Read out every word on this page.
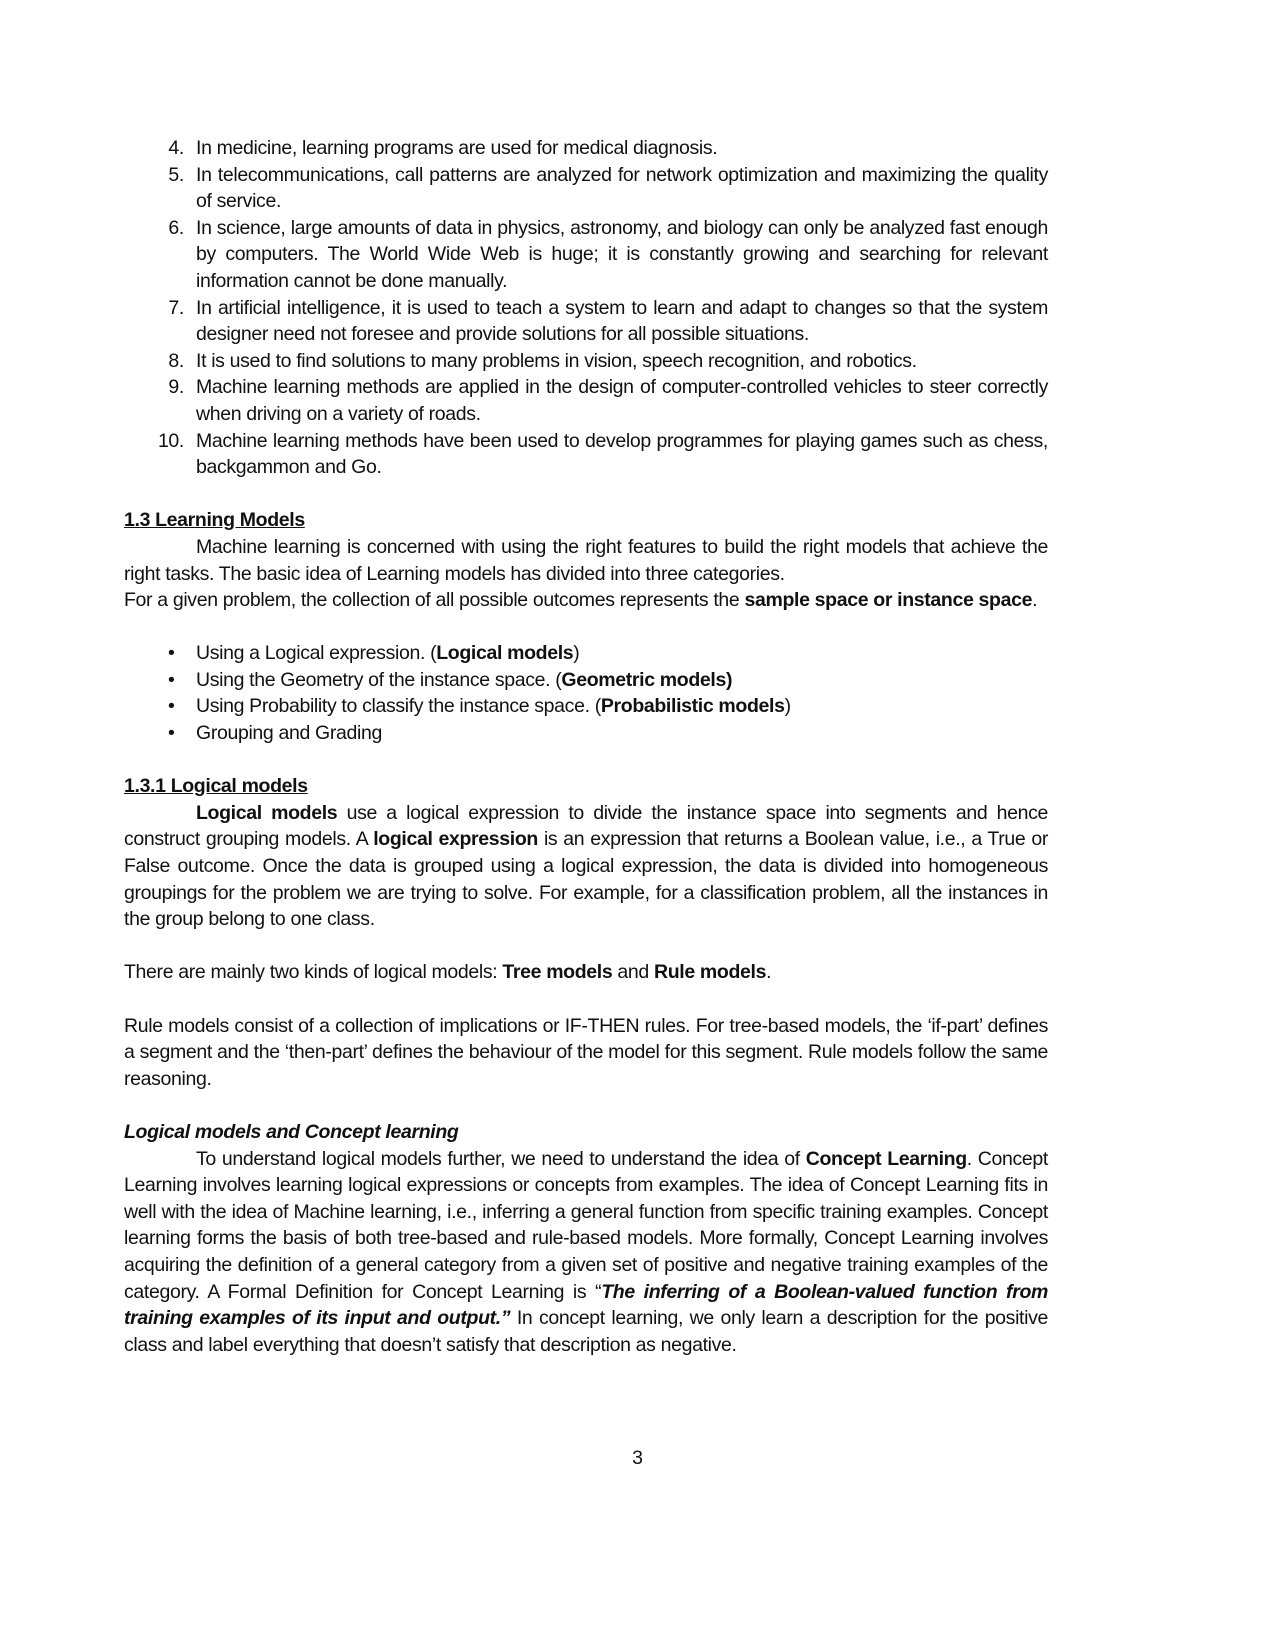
4. In medicine, learning programs are used for medical diagnosis.
5. In telecommunications, call patterns are analyzed for network optimization and maximizing the quality of service.
6. In science, large amounts of data in physics, astronomy, and biology can only be analyzed fast enough by computers. The World Wide Web is huge; it is constantly growing and searching for relevant information cannot be done manually.
7. In artificial intelligence, it is used to teach a system to learn and adapt to changes so that the system designer need not foresee and provide solutions for all possible situations.
8. It is used to find solutions to many problems in vision, speech recognition, and robotics.
9. Machine learning methods are applied in the design of computer-controlled vehicles to steer correctly when driving on a variety of roads.
10. Machine learning methods have been used to develop programmes for playing games such as chess, backgammon and Go.
1.3 Learning Models
Machine learning is concerned with using the right features to build the right models that achieve the right tasks. The basic idea of Learning models has divided into three categories.
For a given problem, the collection of all possible outcomes represents the sample space or instance space.
• Using a Logical expression. (Logical models)
• Using the Geometry of the instance space. (Geometric models)
• Using Probability to classify the instance space. (Probabilistic models)
• Grouping and Grading
1.3.1 Logical models
Logical models use a logical expression to divide the instance space into segments and hence construct grouping models. A logical expression is an expression that returns a Boolean value, i.e., a True or False outcome. Once the data is grouped using a logical expression, the data is divided into homogeneous groupings for the problem we are trying to solve. For example, for a classification problem, all the instances in the group belong to one class.
There are mainly two kinds of logical models: Tree models and Rule models.
Rule models consist of a collection of implications or IF-THEN rules. For tree-based models, the ‘if-part’ defines a segment and the ‘then-part’ defines the behaviour of the model for this segment. Rule models follow the same reasoning.
Logical models and Concept learning
To understand logical models further, we need to understand the idea of Concept Learning. Concept Learning involves learning logical expressions or concepts from examples. The idea of Concept Learning fits in well with the idea of Machine learning, i.e., inferring a general function from specific training examples. Concept learning forms the basis of both tree-based and rule-based models. More formally, Concept Learning involves acquiring the definition of a general category from a given set of positive and negative training examples of the category. A Formal Definition for Concept Learning is “The inferring of a Boolean-valued function from training examples of its input and output.” In concept learning, we only learn a description for the positive class and label everything that doesn’t satisfy that description as negative.
3
